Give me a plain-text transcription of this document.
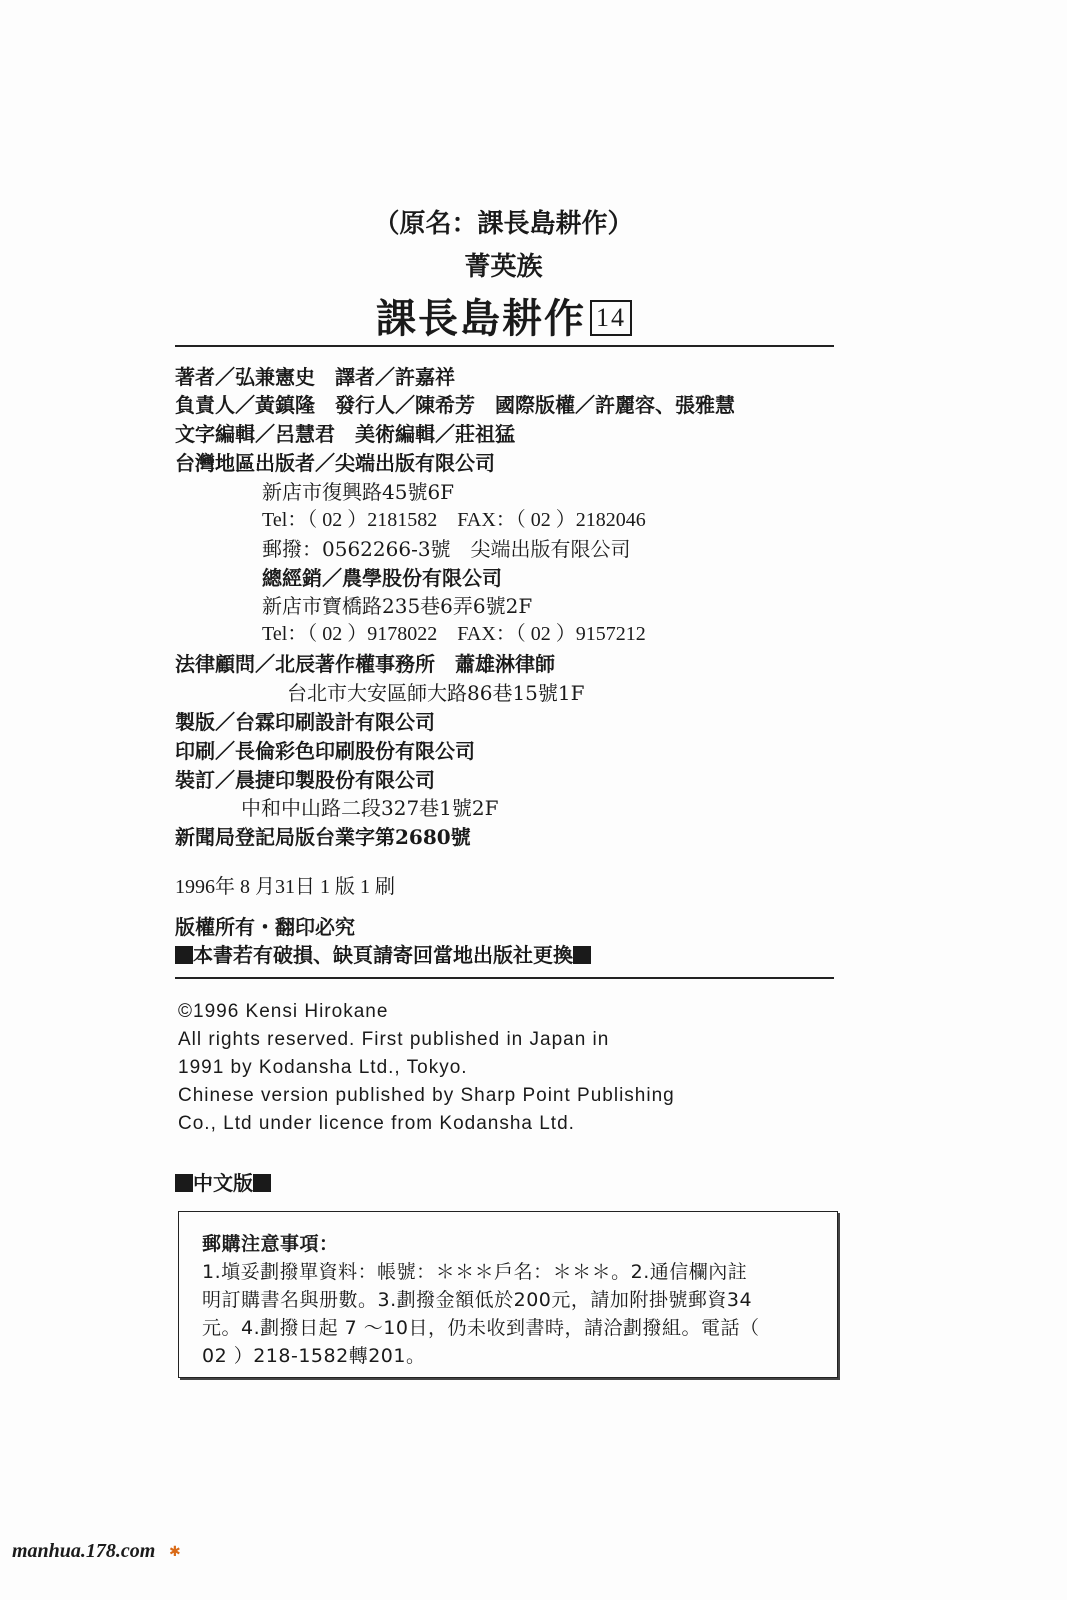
（原名：課長島耕作）
菁英族
課長島耕作 14
著者／弘兼憲史　譯者／許嘉祥
負責人／黃鎮隆　發行人／陳希芳　國際版權／許麗容、張雅慧
文字編輯／呂慧君　美術編輯／莊祖猛
台灣地區出版者／尖端出版有限公司
新店市復興路45號6F
Tel：（ 02 ）2181582　FAX：（ 02 ）2182046
郵撥：0562266-3號　尖端出版有限公司
總經銷／農學股份有限公司
新店市寶橋路235巷6弄6號2F
Tel：（ 02 ）9178022　FAX：（ 02 ）9157212
法律顧問／北辰著作權事務所　蕭雄淋律師
台北市大安區師大路86巷15號1F
製版／台霖印刷設計有限公司
印刷／長倫彩色印刷股份有限公司
裝訂／晨捷印製股份有限公司
中和中山路二段327巷1號2F
新聞局登記局版台業字第2680號
1996年 8 月31日 1 版 1 刷
版權所有・翻印必究
本書若有破損、缺頁請寄回當地出版社更換
©1996 Kensi Hirokane
All rights reserved. First published in Japan in
1991 by Kodansha Ltd., Tokyo.
Chinese version published by Sharp Point Publishing
Co., Ltd under licence from Kodansha Ltd.
中文版
郵購注意事項：
1.塡妥劃撥單資料：帳號：＊＊＊戶名：＊＊＊。2.通信欄內註
明訂購書名與册數。3.劃撥金額低於200元，請加附掛號郵資34
元。4.劃撥日起 7 ～10日，仍未收到書時，請洽劃撥組。電話（
02 ）218-1582轉201。
manhua.178.com ✱
